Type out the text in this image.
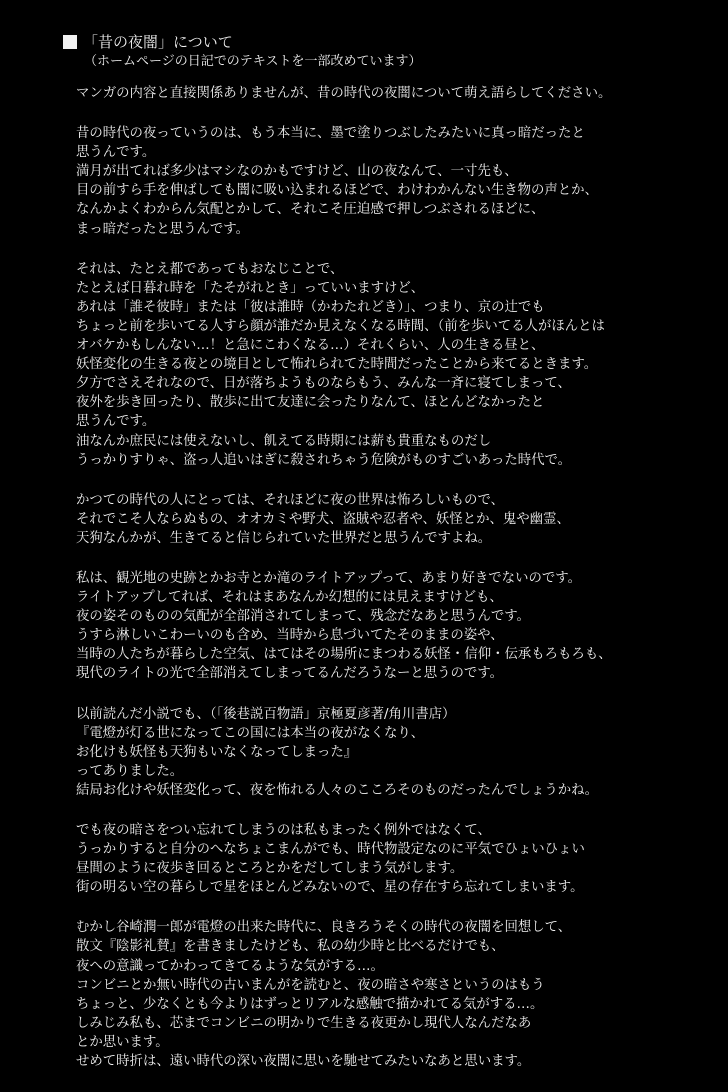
「昔の夜闇」について
（ホームページの日記でのテキストを一部改めています）
マンガの内容と直接関係ありませんが、昔の時代の夜闇について萌え語らしてください。
昔の時代の夜っていうのは、もう本当に、墨で塗りつぶしたみたいに真っ暗だったと
思うんです。
満月が出てれば多少はマシなのかもですけど、山の夜なんて、一寸先も、
目の前すら手を伸ばしても闇に吸い込まれるほどで、わけわかんない生き物の声とか、
なんかよくわからん気配とかして、それこそ圧迫感で押しつぶされるほどに、
まっ暗だったと思うんです。
それは、たとえ都であってもおなじことで、
たとえば日暮れ時を「たそがれとき」っていいますけど、
あれは「誰そ彼時」または「彼は誰時（かわたれどき）」、つまり、京の辻でも
ちょっと前を歩いてる人すら顔が誰だか見えなくなる時間、（前を歩いてる人がほんとは
オバケかもしんない…！と急にこわくなる…）それくらい、人の生きる昼と、
妖怪変化の生きる夜との境目として怖れられてた時間だったことから来てるときます。
夕方でさえそれなので、日が落ちようものならもう、みんな一斉に寝てしまって、
夜外を歩き回ったり、散歩に出て友達に会ったりなんて、ほとんどなかったと
思うんです。
油なんか庶民には使えないし、飢えてる時期には薪も貴重なものだし
うっかりすりゃ、盗っ人追いはぎに殺されちゃう危険がものすごいあった時代で。
かつての時代の人にとっては、それほどに夜の世界は怖ろしいもので、
それでこそ人ならぬもの、オオカミや野犬、盗賊や忍者や、妖怪とか、鬼や幽霊、
天狗なんかが、生きてると信じられていた世界だと思うんですよね。
私は、観光地の史跡とかお寺とか滝のライトアップって、あまり好きでないのです。
ライトアップしてれば、それはまあなんか幻想的には見えますけども、
夜の姿そのものの気配が全部消されてしまって、残念だなあと思うんです。
うすら淋しいこわーいのも含め、当時から息づいてたそのままの姿や、
当時の人たちが暮らした空気、はてはその場所にまつわる妖怪・信仰・伝承もろもろも、
現代のライトの光で全部消えてしまってるんだろうなーと思うのです。
以前読んだ小説でも、（「後巷説百物語」京極夏彦著/角川書店）
『電燈が灯る世になってこの国には本当の夜がなくなり、
お化けも妖怪も天狗もいなくなってしまった』
ってありました。
結局お化けや妖怪変化って、夜を怖れる人々のこころそのものだったんでしょうかね。
でも夜の暗さをつい忘れてしまうのは私もまったく例外ではなくて、
うっかりすると自分のへなちょこまんがでも、時代物設定なのに平気でひょいひょい
昼間のように夜歩き回るところとかをだしてしまう気がします。
街の明るい空の暮らしで星をほとんどみないので、星の存在すら忘れてしまいます。
むかし谷崎潤一郎が電燈の出来た時代に、良きろうそくの時代の夜闇を回想して、
散文『陰影礼賛』を書きましたけども、私の幼少時と比べるだけでも、
夜への意識ってかわってきてるような気がする…。
コンビニとか無い時代の古いまんがを読むと、夜の暗さや寒さというのはもう
ちょっと、少なくとも今よりはずっとリアルな感触で描かれてる気がする…。
しみじみ私も、芯までコンビニの明かりで生きる夜更かし現代人なんだなあ
とか思います。
せめて時折は、遠い時代の深い夜闇に思いを馳せてみたいなあと思います。
